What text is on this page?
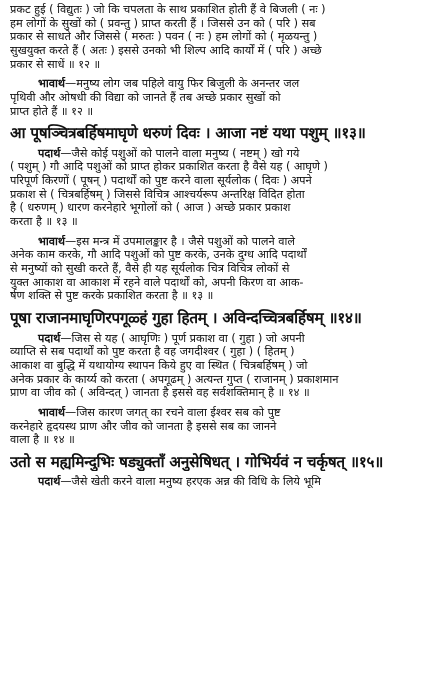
प्रकट हुई ( विद्युतः ) जो कि चपलता के साथ प्रकाशित होती हैं वे बिजली ( नः )
हम लोगों के सुखों को ( प्रवन्तु ) प्राप्त करती हैं । जिससे उन को ( परि ) सब
प्रकार से साधते और जिससे ( मरुतः ) पवन ( नः ) हम लोगों को ( मृळयन्तु )
सुखयुक्त करते हैं ( अतः ) इससे उनको भी शिल्प आदि कार्यों में ( परि ) अच्छे
प्रकार से साधें ॥ १२ ॥
भावार्थ—मनुष्य लोग जब पहिले वायु फिर बिजुली के अनन्तर जल
पृथिवी और ओषधी की विद्या को जानते हैं तब अच्छे प्रकार सुखों को
प्राप्त होते हैं ॥ १२ ॥
आ पूषञ्चित्रबर्हिषमाघृणे धरुणं दिवः । आजा नष्टं यथा पशुम् ॥१३॥
पदार्थ—जैसे कोई पशुओं को पालने वाला मनुष्य ( नष्टम् ) खो गये
( पशुम् ) गौ आदि पशुओं को प्राप्त होकर प्रकाशित करता है वैसे यह ( आघृणे )
परिपूर्ण किरणों ( पूषन् ) पदार्थों को पुष्ट करने वाला सूर्यलोक ( दिवः ) अपने
प्रकाश से ( चित्रबर्हिषम् ) जिससे विचित्र आश्चर्यरूप अन्तरिक्ष विदित होता
है ( धरुणम् ) धारण करनेहारे भूगोलों को ( आज ) अच्छे प्रकार प्रकाश
करता है ॥ १३ ॥
भावार्थ—इस मन्त्र में उपमालङ्कार है । जैसे पशुओं को पालने वाले
अनेक काम करके, गौ आदि पशुओं को पुष्ट करके, उनके दुग्ध आदि पदार्थों
से मनुष्यों को सुखी करते हैं, वैसे ही यह सूर्यलोक चित्र विचित्र लोकों से
युक्त आकाश वा आकाश में रहने वाले पदार्थों को, अपनी किरण वा आक-
र्षण शक्ति से पुष्ट करके प्रकाशित करता है ॥ १३ ॥
पूषा राजानमाघृणिरपगूळ्हं गुहा हितम् । अविन्दच्चित्रबर्हिषम् ॥१४॥
पदार्थ—जिस से यह ( आघृणिः ) पूर्ण प्रकाश वा ( गुहा ) जो अपनी
व्याप्ति से सब पदार्थों को पुष्ट करता है वह जगदीश्वर ( गुहा ) ( हितम् )
आकाश वा बुद्धि में यथायोग्य स्थापन किये हुए वा स्थित ( चित्रबर्हिषम् ) जो
अनेक प्रकार के कार्य्य को करता ( अपगूढम् ) अत्यन्त गुप्त ( राजानम् ) प्रकाशमान
प्राण वा जीव को ( अविन्दत् ) जानता है इससे वह सर्वशक्तिमान् है ॥ १४ ॥
भावार्थ—जिस कारण जगत् का रचने वाला ईश्वर सब को पुष्ट
करनेहारे हृदयस्थ प्राण और जीव को जानता है इससे सब का जानने
वाला है ॥ १४ ॥
उतो स मह्यमिन्दुभिः षड्युक्ताँ अनुसेषिधत् । गोभिर्यवं न चर्कृषत् ॥१५॥
पदार्थ—जैसे खेती करने वाला मनुष्य हरएक अन्न की विधि के लिये भूमि
